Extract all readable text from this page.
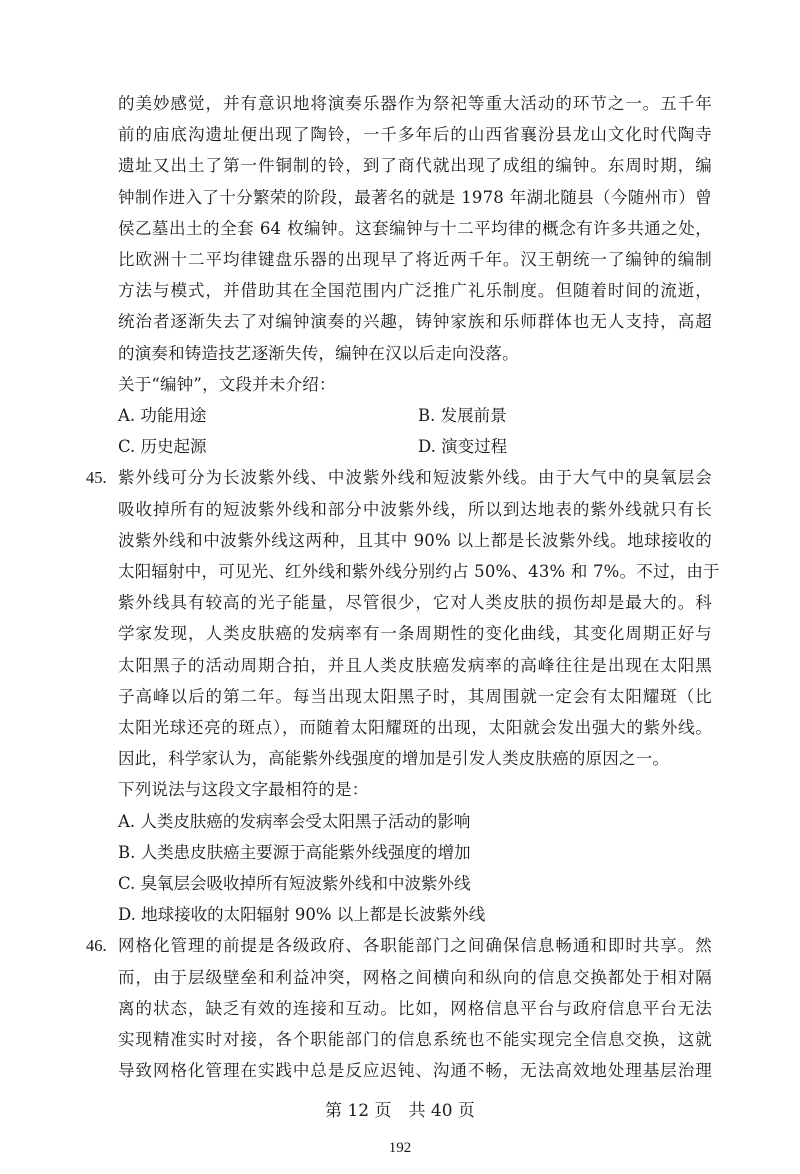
的美妙感觉，并有意识地将演奏乐器作为祭祀等重大活动的环节之一。五千年
前的庙底沟遗址便出现了陶铃，一千多年后的山西省襄汾县龙山文化时代陶寺
遗址又出土了第一件铜制的铃，到了商代就出现了成组的编钟。东周时期，编
钟制作进入了十分繁荣的阶段，最著名的就是 1978 年湖北随县（今随州市）曾
侯乙墓出土的全套 64 枚编钟。这套编钟与十二平均律的概念有许多共通之处，
比欧洲十二平均律键盘乐器的出现早了将近两千年。汉王朝统一了编钟的编制
方法与模式，并借助其在全国范围内广泛推广礼乐制度。但随着时间的流逝，
统治者逐渐失去了对编钟演奏的兴趣，铸钟家族和乐师群体也无人支持，高超
的演奏和铸造技艺逐渐失传，编钟在汉以后走向没落。
关于“编钟”，文段并未介绍：
A. 功能用途	B. 发展前景
C. 历史起源	D. 演变过程
45. 紫外线可分为长波紫外线、中波紫外线和短波紫外线。由于大气中的臭氧层会
吸收掉所有的短波紫外线和部分中波紫外线，所以到达地表的紫外线就只有长
波紫外线和中波紫外线这两种，且其中 90% 以上都是长波紫外线。地球接收的
太阳辐射中，可见光、红外线和紫外线分别约占 50%、43% 和 7%。不过，由于
紫外线具有较高的光子能量，尽管很少，它对人类皮肤的损伤却是最大的。科
学家发现，人类皮肤癌的发病率有一条周期性的变化曲线，其变化周期正好与
太阳黑子的活动周期合拍，并且人类皮肤癌发病率的高峰往往是出现在太阳黑
子高峰以后的第二年。每当出现太阳黑子时，其周围就一定会有太阳耀斑（比
太阳光球还亮的斑点），而随着太阳耀斑的出现，太阳就会发出强大的紫外线。
因此，科学家认为，高能紫外线强度的增加是引发人类皮肤癌的原因之一。
下列说法与这段文字最相符的是：
A. 人类皮肤癌的发病率会受太阳黑子活动的影响
B. 人类患皮肤癌主要源于高能紫外线强度的增加
C. 臭氧层会吸收掉所有短波紫外线和中波紫外线
D. 地球接收的太阳辐射 90% 以上都是长波紫外线
46. 网格化管理的前提是各级政府、各职能部门之间确保信息畅通和即时共享。然
而，由于层级壁垒和利益冲突，网格之间横向和纵向的信息交换都处于相对隔
离的状态，缺乏有效的连接和互动。比如，网格信息平台与政府信息平台无法
实现精准实时对接，各个职能部门的信息系统也不能实现完全信息交换，这就
导致网格化管理在实践中总是反应迟钝、沟通不畅，无法高效地处理基层治理
第 12 页　共 40 页
192
